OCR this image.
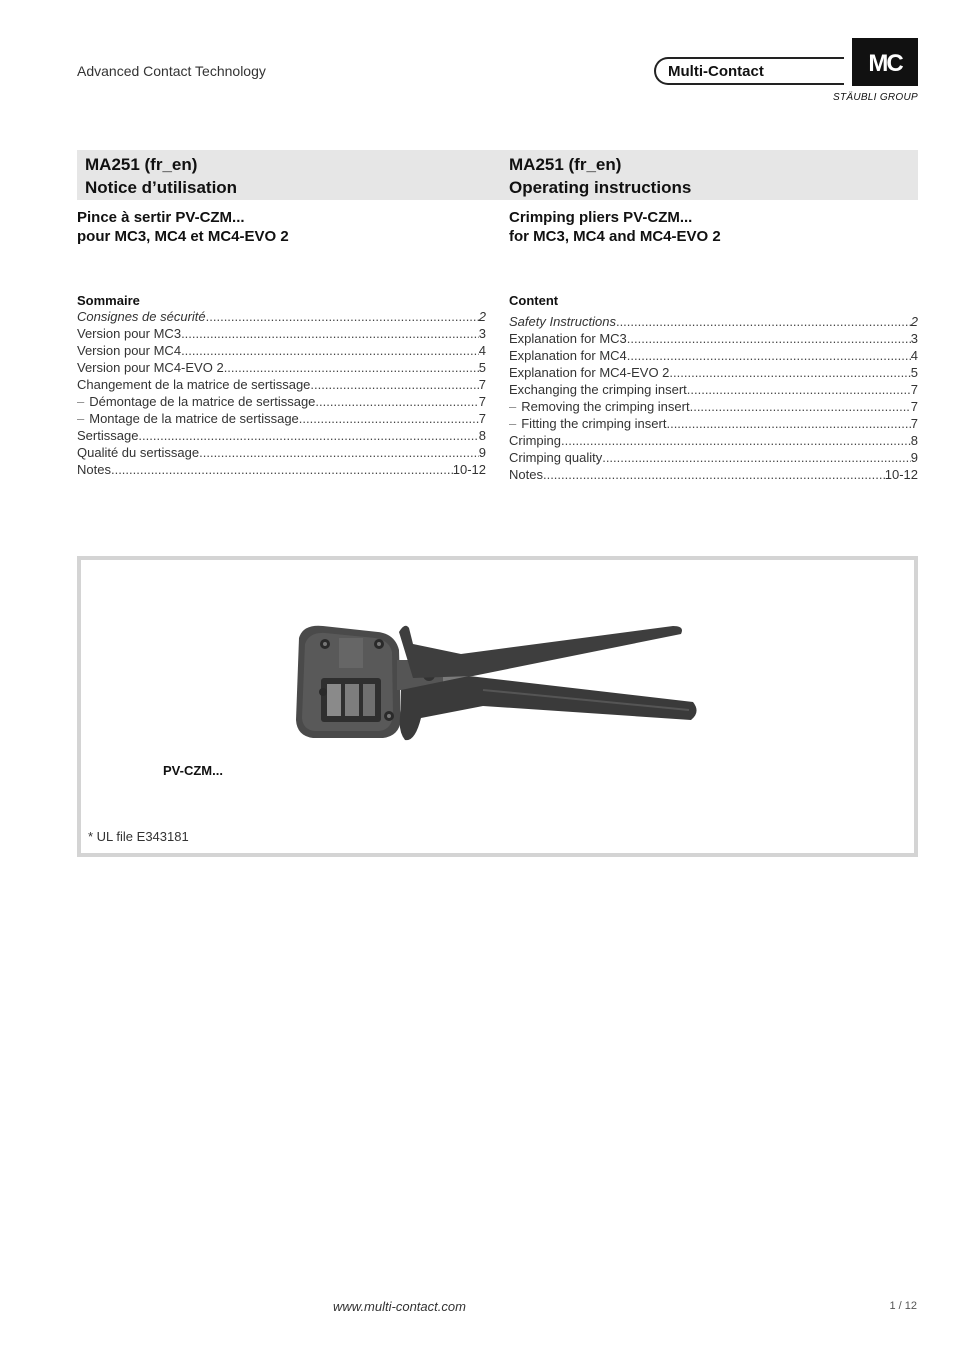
Advanced Contact Technology	Multi-Contact	MC
STÄUBLI GROUP
MA251 (fr_en)
Notice d’utilisation
MA251 (fr_en)
Operating instructions
Pince à sertir PV-CZM...
pour MC3, MC4 et MC4-EVO 2
Crimping pliers PV-CZM...
for MC3, MC4 and MC4-EVO 2
Sommaire
Consignes de sécurité .....	2
Version pour MC3 .....	3
Version pour MC4 .....	4
Version pour MC4-EVO 2 .....	5
Changement de la matrice de sertissage .....	7
– Démontage de la matrice de sertissage .....	7
– Montage de la matrice de sertissage .....	7
Sertissage .....	8
Qualité du sertissage .....	9
Notes .....	10-12
Content
Safety Instructions .....	2
Explanation for MC3 .....	3
Explanation for MC4 .....	4
Explanation for MC4-EVO 2 .....	5
Exchanging the crimping insert .....	7
– Removing the crimping insert .....	7
– Fitting the crimping insert .....	7
Crimping .....	8
Crimping quality .....	9
Notes .....	10-12
PV-CZM...
* UL file E343181
www.multi-contact.com	1 / 12
